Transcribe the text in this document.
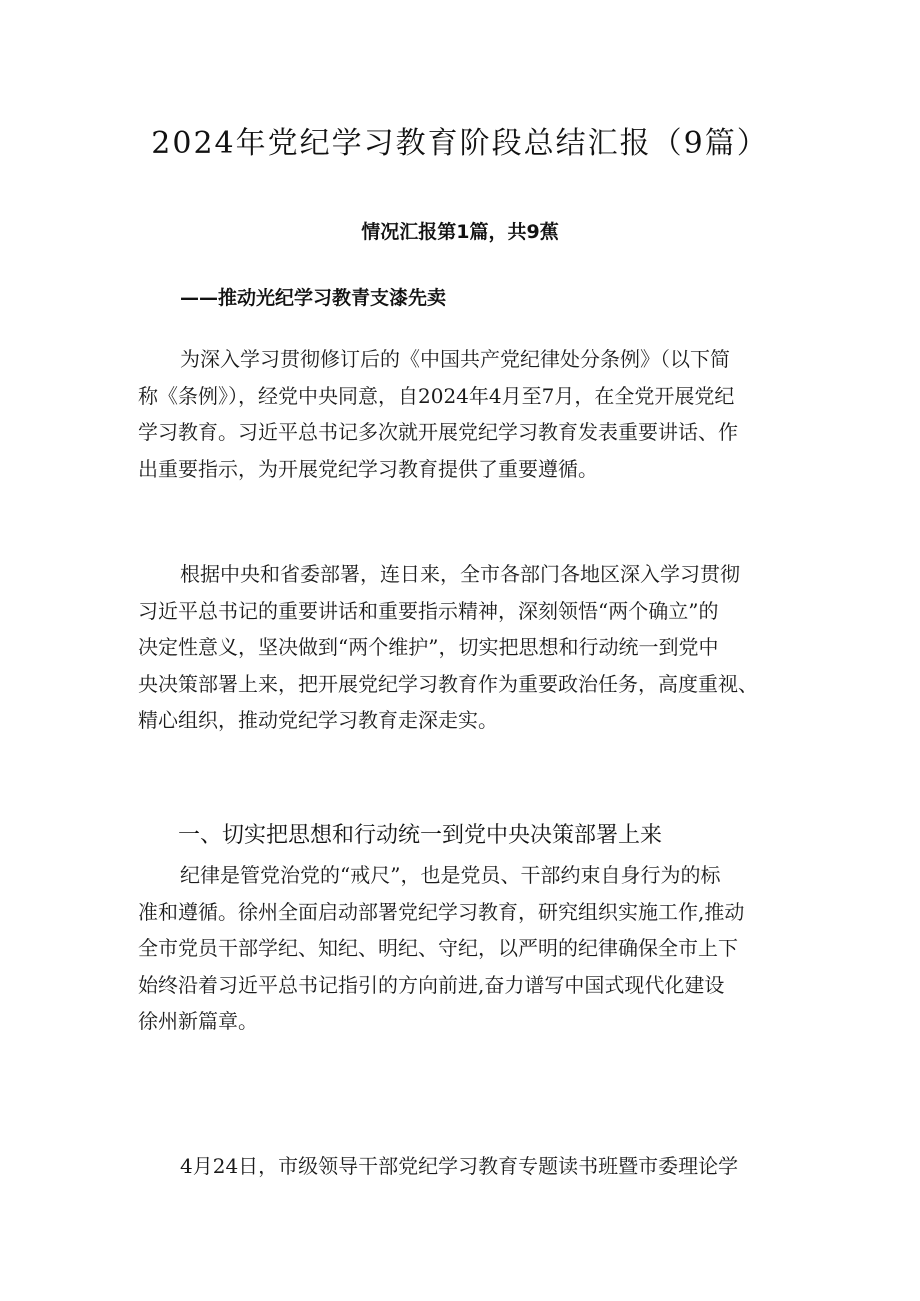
2024年党纪学习教育阶段总结汇报（9篇）
情况汇报第1篇，共9蕉
——推动光纪学习教青支漆先卖
为深入学习贯彻修订后的《中国共产党纪律处分条例》（以下简
称《条例》），经党中央同意，自2024年4月至7月，在全党开展党纪
学习教育。习近平总书记多次就开展党纪学习教育发表重要讲话、作
出重要指示，为开展党纪学习教育提供了重要遵循。
根据中央和省委部署，连日来，全市各部门各地区深入学习贯彻
习近平总书记的重要讲话和重要指示精神，深刻领悟“两个确立”的
决定性意义，坚决做到“两个维护”，切实把思想和行动统一到党中
央决策部署上来，把开展党纪学习教育作为重要政治任务，高度重视、
精心组织，推动党纪学习教育走深走实。
一、切实把思想和行动统一到党中央决策部署上来
纪律是管党治党的“戒尺”，也是党员、干部约束自身行为的标
准和遵循。徐州全面启动部署党纪学习教育，研究组织实施工作,推动
全市党员干部学纪、知纪、明纪、守纪，以严明的纪律确保全市上下
始终沿着习近平总书记指引的方向前进,奋力谱写中国式现代化建设
徐州新篇章。
4月24日，市级领导干部党纪学习教育专题读书班暨市委理论学
